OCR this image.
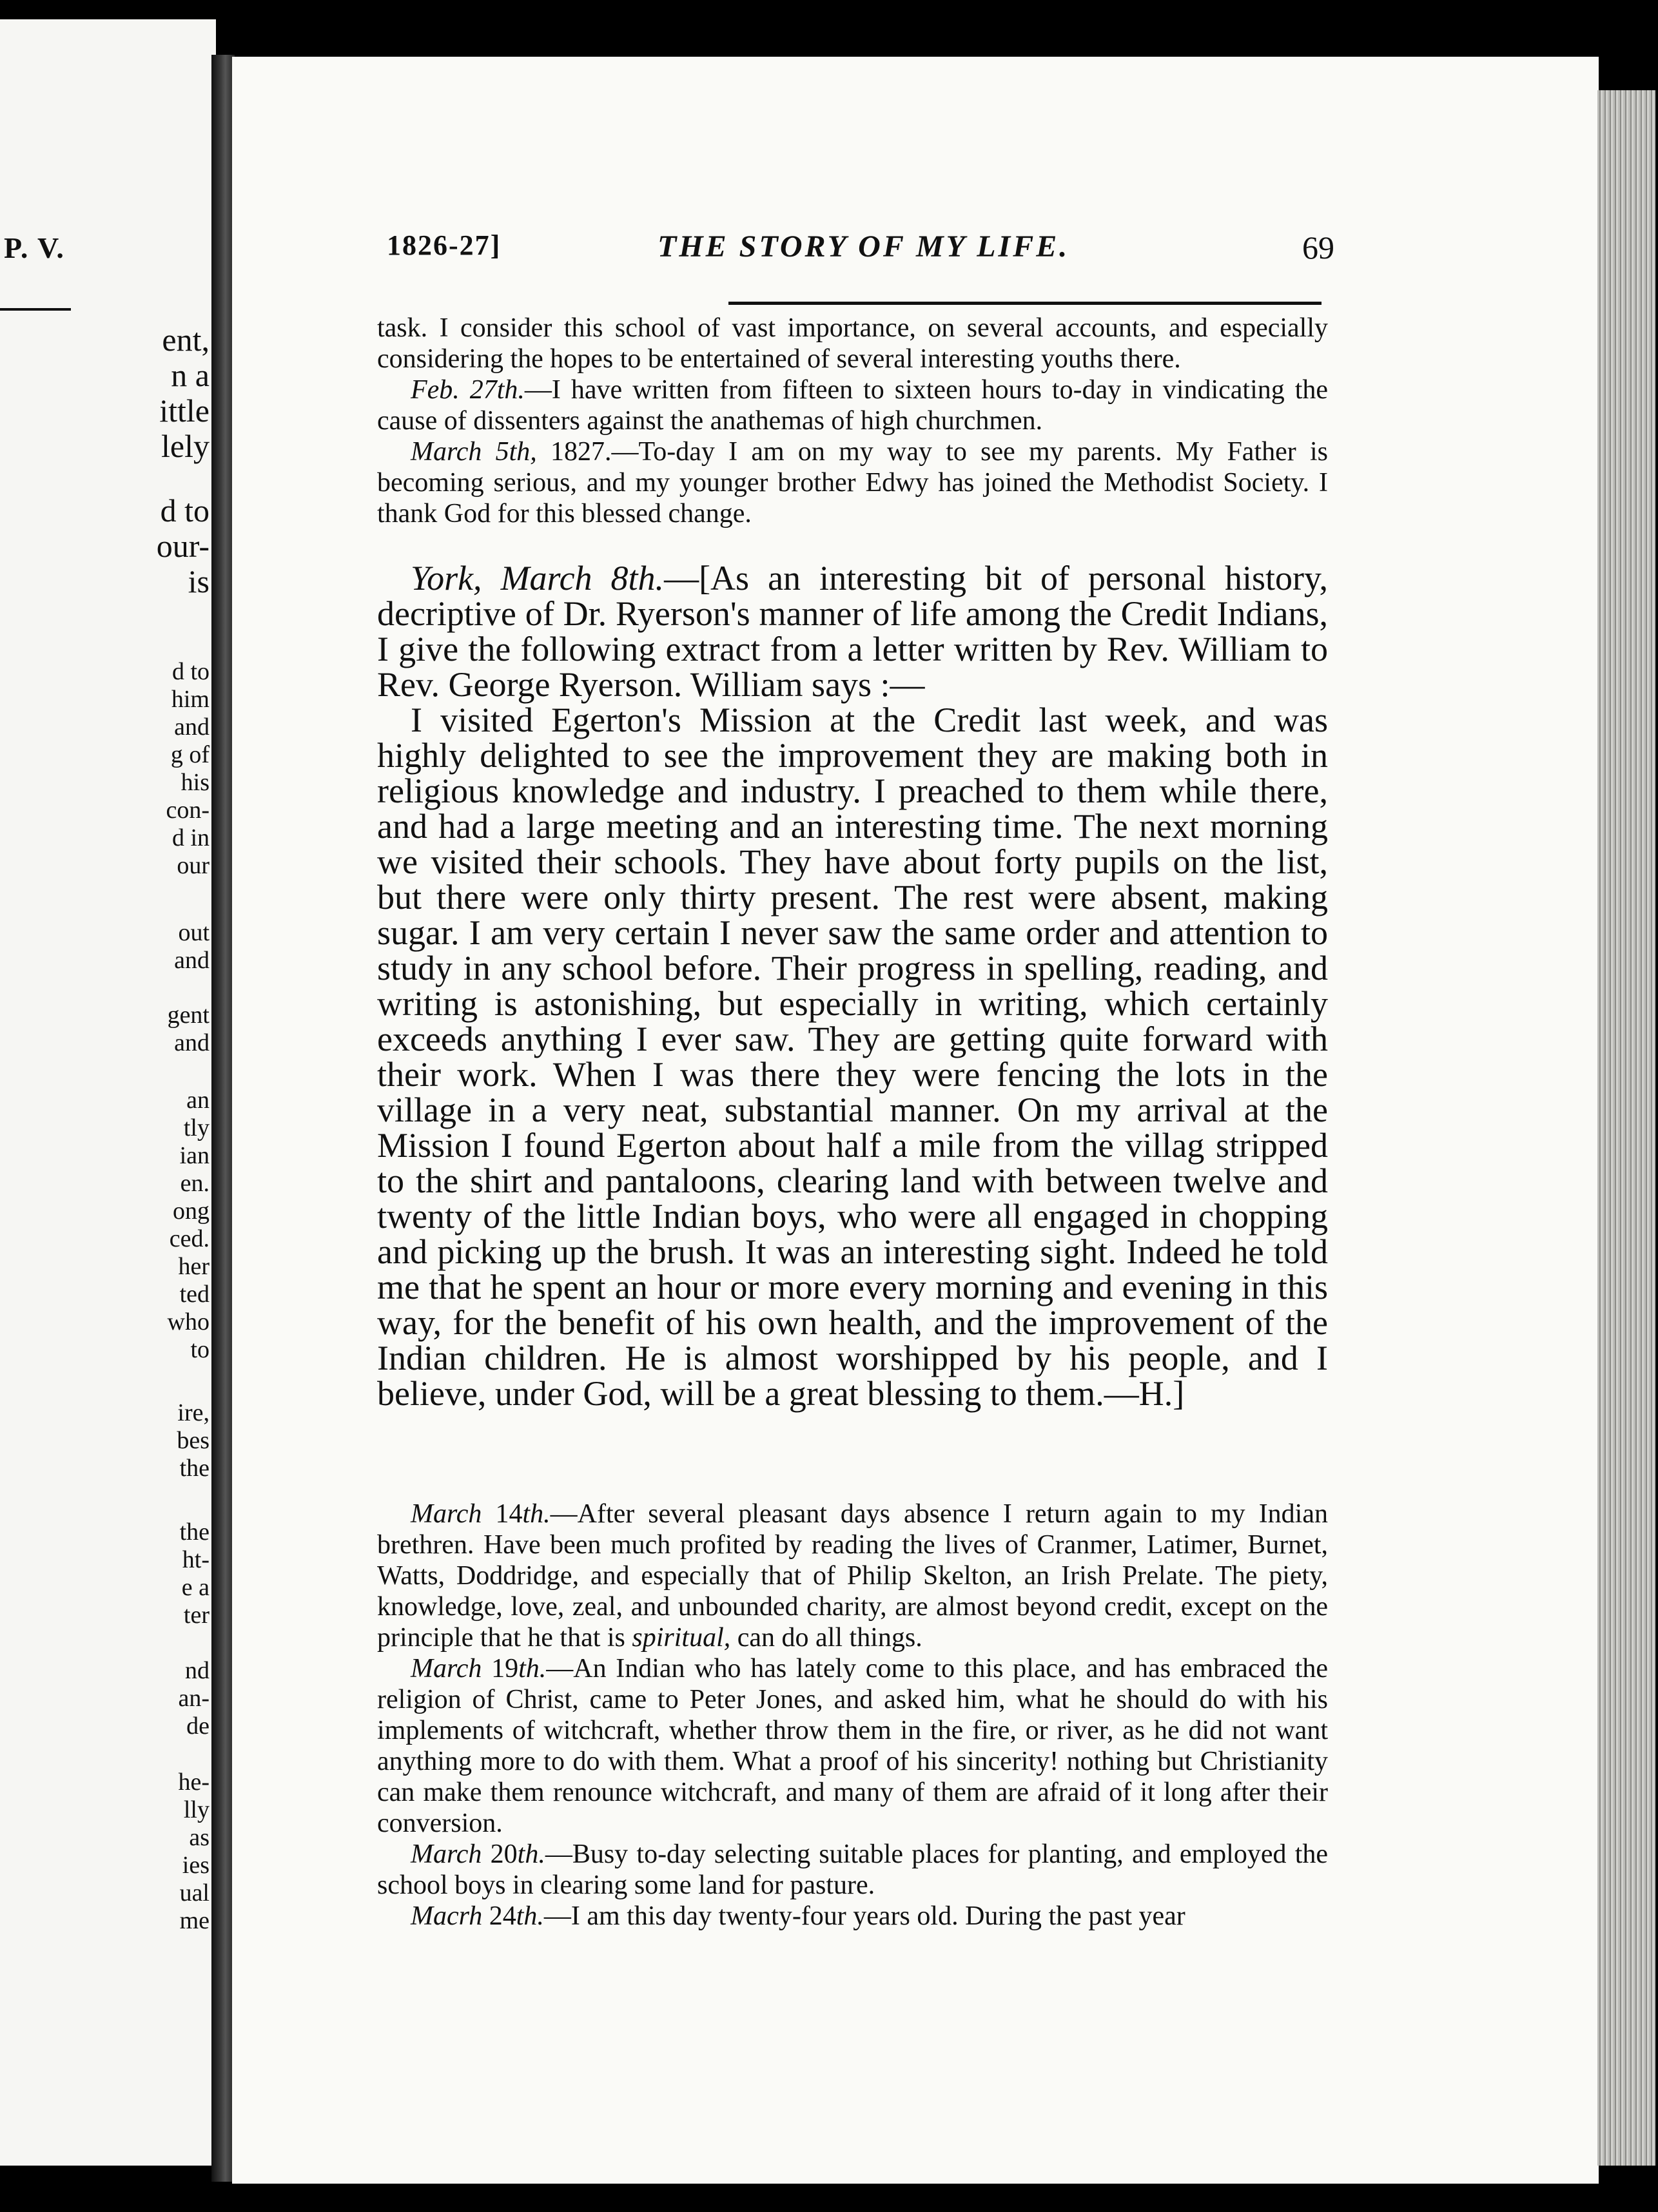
P. V.
ent,
n a
ittle
lely
d to
our-
is
d to
him
and
g of
his
con-
d in
our
out
and
gent
and
an
tly
ian
en.
ong
ced.
her
ted
who
to
ire,
bes
the
the
ht-
e a
ter
nd
an-
de
he-
lly
as
ies
ual
me
1826-27]	THE STORY OF MY LIFE.	69

task. I consider this school of vast importance, on several accounts, and especially considering the hopes to be entertained of several interesting youths there.

Feb. 27th.—I have written from fifteen to sixteen hours to-day in vindicating the cause of dissenters against the anathemas of high churchmen.

March 5th, 1827.—To-day I am on my way to see my parents. My Father is becoming serious, and my younger brother Edwy has joined the Methodist Society. I thank God for this blessed change.

York, March 8th.—[As an interesting bit of personal history, decriptive of Dr. Ryerson's manner of life among the Credit Indians, I give the following extract from a letter written by Rev. William to Rev. George Ryerson. William says :—

I visited Egerton's Mission at the Credit last week, and was highly delighted to see the improvement they are making both in religious knowledge and industry. I preached to them while there, and had a large meeting and an interesting time. The next morning we visited their schools. They have about forty pupils on the list, but there were only thirty present. The rest were absent, making sugar. I am very certain I never saw the same order and attention to study in any school before. Their progress in spelling, reading, and writing is astonishing, but especially in writing, which certainly exceeds anything I ever saw. They are getting quite forward with their work. When I was there they were fencing the lots in the village in a very neat, substantial manner. On my arrival at the Mission I found Egerton about half a mile from the villag stripped to the shirt and pantaloons, clearing land with between twelve and twenty of the little Indian boys, who were all engaged in chopping and picking up the brush. It was an interesting sight. Indeed he told me that he spent an hour or more every morning and evening in this way, for the benefit of his own health, and the improvement of the Indian children. He is almost worshipped by his people, and I believe, under God, will be a great blessing to them.—H.]

March 14th.—After several pleasant days absence I return again to my Indian brethren. Have been much profited by reading the lives of Cranmer, Latimer, Burnet, Watts, Doddridge, and especially that of Philip Skelton, an Irish Prelate. The piety, knowledge, love, zeal, and unbounded charity, are almost beyond credit, except on the principle that he that is spiritual, can do all things.

March 19th.—An Indian who has lately come to this place, and has embraced the religion of Christ, came to Peter Jones, and asked him, what he should do with his implements of witchcraft, whether throw them in the fire, or river, as he did not want anything more to do with them. What a proof of his sincerity! nothing but Christianity can make them renounce witchcraft, and many of them are afraid of it long after their conversion.

March 20th.—Busy to-day selecting suitable places for planting, and employed the school boys in clearing some land for pasture.

Macrh 24th.—I am this day twenty-four years old. During the past year
